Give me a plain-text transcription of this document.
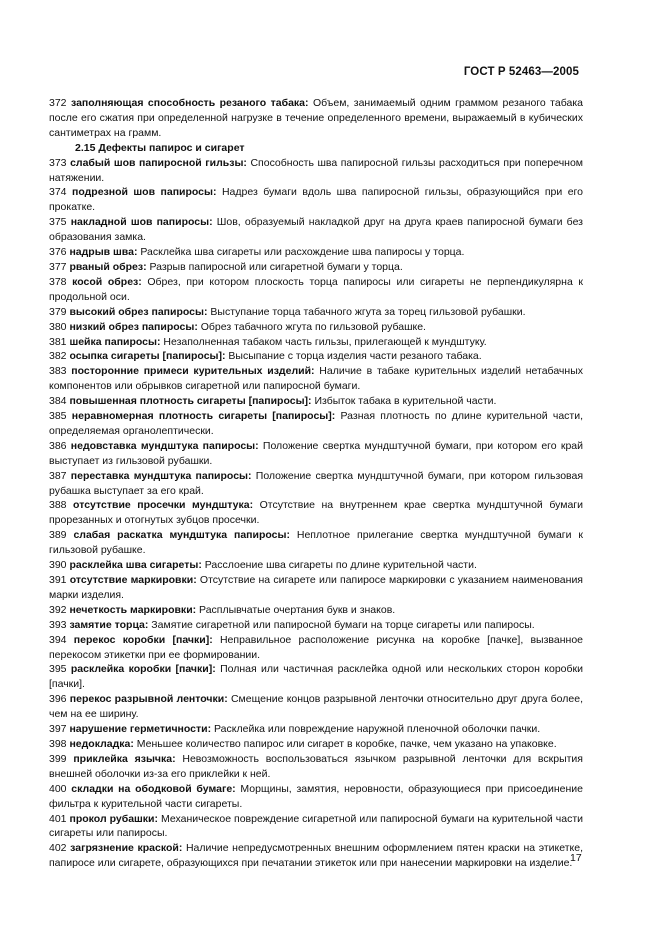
ГОСТ Р 52463—2005

372 заполняющая способность резаного табака: Объем, занимаемый одним граммом резаного табака после его сжатия при определенной нагрузке в течение определенного времени, выражаемый в кубических сантиметрах на грамм.

2.15 Дефекты папирос и сигарет

373 слабый шов папиросной гильзы: Способность шва папиросной гильзы расходиться при поперечном натяжении.

374 подрезной шов папиросы: Надрез бумаги вдоль шва папиросной гильзы, образующийся при его прокатке.

375 накладной шов папиросы: Шов, образуемый накладкой друг на друга краев папиросной бумаги без образования замка.

376 надрыв шва: Расклейка шва сигареты или расхождение шва папиросы у торца.

377 рваный обрез: Разрыв папиросной или сигаретной бумаги у торца.

378 косой обрез: Обрез, при котором плоскость торца папиросы или сигареты не перпендикулярна к продольной оси.

379 высокий обрез папиросы: Выступание торца табачного жгута за торец гильзовой рубашки.

380 низкий обрез папиросы: Обрез табачного жгута по гильзовой рубашке.

381 шейка папиросы: Незаполненная табаком часть гильзы, прилегающей к мундштуку.

382 осыпка сигареты [папиросы]: Высыпание с торца изделия части резаного табака.

383 посторонние примеси курительных изделий: Наличие в табаке курительных изделий нетабачных компонентов или обрывков сигаретной или папиросной бумаги.

384 повышенная плотность сигареты [папиросы]: Избыток табака в курительной части.

385 неравномерная плотность сигареты [папиросы]: Разная плотность по длине курительной части, определяемая органолептически.

386 недовставка мундштука папиросы: Положение свертка мундштучной бумаги, при котором его край выступает из гильзовой рубашки.

387 переставка мундштука папиросы: Положение свертка мундштучной бумаги, при котором гильзовая рубашка выступает за его край.

388 отсутствие просечки мундштука: Отсутствие на внутреннем крае свертка мундштучной бумаги прорезанных и отогнутых зубцов просечки.

389 слабая раскатка мундштука папиросы: Неплотное прилегание свертка мундштучной бумаги к гильзовой рубашке.

390 расклейка шва сигареты: Расслоение шва сигареты по длине курительной части.

391 отсутствие маркировки: Отсутствие на сигарете или папиросе маркировки с указанием наименования марки изделия.

392 нечеткость маркировки: Расплывчатые очертания букв и знаков.

393 замятие торца: Замятие сигаретной или папиросной бумаги на торце сигареты или папиросы.

394 перекос коробки [пачки]: Неправильное расположение рисунка на коробке [пачке], вызванное перекосом этикетки при ее формировании.

395 расклейка коробки [пачки]: Полная или частичная расклейка одной или нескольких сторон коробки [пачки].

396 перекос разрывной ленточки: Смещение концов разрывной ленточки относительно друг друга более, чем на ее ширину.

397 нарушение герметичности: Расклейка или повреждение наружной пленочной оболочки пачки.

398 недокладка: Меньшее количество папирос или сигарет в коробке, пачке, чем указано на упаковке.

399 приклейка язычка: Невозможность воспользоваться язычком разрывной ленточки для вскрытия внешней оболочки из-за его приклейки к ней.

400 складки на ободковой бумаге: Морщины, замятия, неровности, образующиеся при присоединение фильтра к курительной части сигареты.

401 прокол рубашки: Механическое повреждение сигаретной или папиросной бумаги на курительной части сигареты или папиросы.

402 загрязнение краской: Наличие непредусмотренных внешним оформлением пятен краски на этикетке, папиросе или сигарете, образующихся при печатании этикеток или при нанесении маркировки на изделие.

17
